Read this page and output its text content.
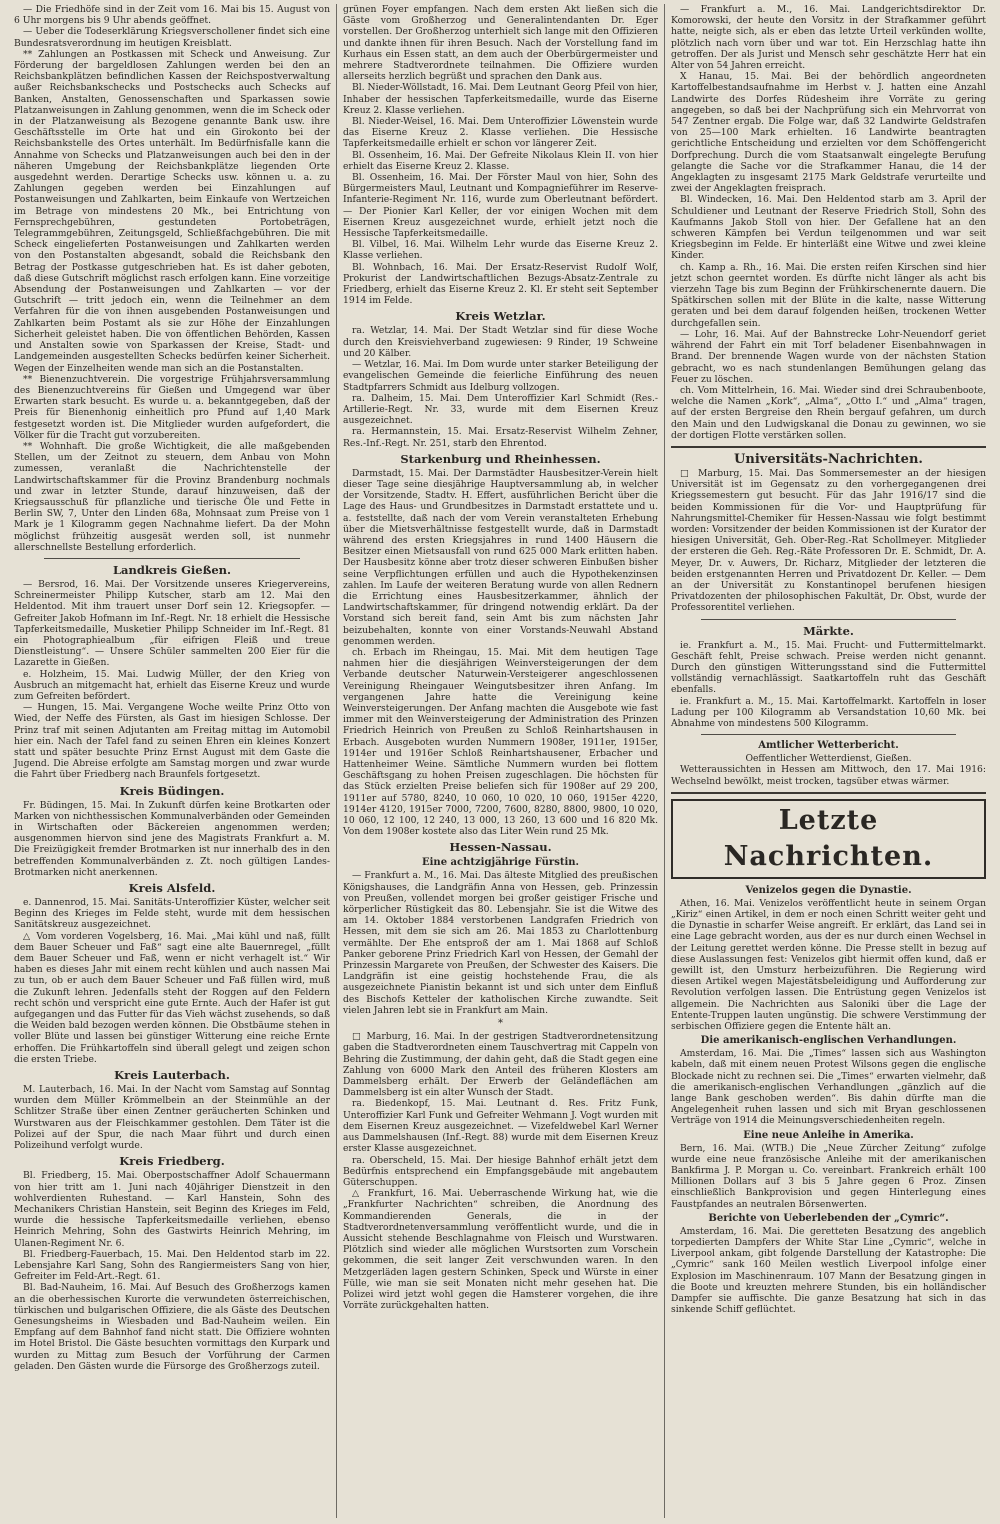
— Die Friedhöfe sind in der Zeit vom 16. Mai bis 15. August von 6 Uhr morgens bis 9 Uhr abends geöffnet.

— Ueber die Todeserklärung Kriegsverschollener findet sich eine Bundesratsverordnung im heutigen Kreisblatt.

** Zahlungen an Postkassen mit Scheck und Anweisung. Zur Förderung der bargeldlosen Zahlungen werden bei den an Reichsbankplätzen befindlichen Kassen der Reichspostverwaltung außer Reichsbankschecks und Postschecks auch Schecks auf Banken, Anstalten, Genossenschaften und Sparkassen sowie Platzanweisungen in Zahlung genommen, wenn die im Scheck oder in der Platzanweisung als Bezogene genannte Bank usw. ihre Geschäftsstelle im Orte hat und ein Girokonto bei der Reichsbankstelle des Ortes unterhält. Im Bedürfnisfalle kann die Annahme von Schecks und Platzanweisungen auch bei den in der näheren Umgebung der Reichsbankplätze liegenden Orte ausgedehnt werden. Derartige Schecks usw. können u. a. zu Zahlungen gegeben werden bei Einzahlungen auf Postanweisungen und Zahlkarten, beim Einkaufe von Wertzeichen im Betrage von mindestens 20 Mk., bei Entrichtung von Fernsprechgebühren, gestundeten Portobeträgen, Telegrammgebühren, Zeitungsgeld, Schließfachgebühren. Die mit Scheck eingelieferten Postanweisungen und Zahlkarten werden von den Postanstalten abgesandt, sobald die Reichsbank den Betrag der Postkasse gutgeschrieben hat. Es ist daher geboten, daß diese Gutschrift möglichst rasch erfolgen kann. Eine vorzeitige Absendung der Postanweisungen und Zahlkarten — vor der Gutschrift — tritt jedoch ein, wenn die Teilnehmer an dem Verfahren für die von ihnen ausgebenden Postanweisungen und Zahlkarten beim Postamt als sie zur Höhe der Einzahlungen Sicherheit geleistet haben. Die von öffentlichen Behörden, Kassen und Anstalten sowie von Sparkassen der Kreise, Stadt- und Landgemeinden ausgestellten Schecks bedürfen keiner Sicherheit. Wegen der Einzelheiten wende man sich an die Postanstalten.

** Bienenzuchtverein. Die vorgestrige Frühjahrsversammlung des Bienenzuchtvereins für Gießen und Umgegend war über Erwarten stark besucht. Es wurde u. a. bekanntgegeben, daß der Preis für Bienenhonig einheitlich pro Pfund auf 1,40 Mark festgesetzt worden ist. Die Mitglieder wurden aufgefordert, die Völker für die Tracht gut vorzubereiten.

** Wohnhaft. Die große Wichtigkeit, die alle maßgebenden Stellen, um der Zeitnot zu steuern, dem Anbau von Mohn zumessen, veranlaßt die Nachrichtenstelle der Landwirtschaftskammer für die Provinz Brandenburg nochmals und zwar in letzter Stunde, darauf hinzuweisen, daß der Kriegsausschuß für pflanzliche und tierische Öle und Fette in Berlin SW, 7, Unter den Linden 68a, Mohnsaat zum Preise von 1 Mark je 1 Kilogramm gegen Nachnahme liefert. Da der Mohn möglichst frühzeitig ausgesät werden soll, ist nunmehr allerschnellste Bestellung erforderlich.

Landkreis Gießen.

— Bersrod, 16. Mai. Der Vorsitzende unseres Kriegervereins, Schreinermeister Philipp Kutscher, starb am 12. Mai den Heldentod. Mit ihm trauert unser Dorf sein 12. Kriegsopfer. — Gefreiter Jakob Hofmann im Inf.-Regt. Nr. 18 erhielt die Hessische Tapferkeitsmedaille, Musketier Philipp Schneider im Inf.-Regt. 81 ein Photographiealbum „für eifrigen Fleiß und treue Dienstleistung“. — Unsere Schüler sammelten 200 Eier für die Lazarette in Gießen.

e. Holzheim, 15. Mai. Ludwig Müller, der den Krieg von Ausbruch an mitgemacht hat, erhielt das Eiserne Kreuz und wurde zum Gefreiten befördert.

— Hungen, 15. Mai. Vergangene Woche weilte Prinz Otto von Wied, der Neffe des Fürsten, als Gast im hiesigen Schlosse. Der Prinz traf mit seinen Adjutanten am Freitag mittag im Automobil hier ein. Nach der Tafel fand zu seinen Ehren ein kleines Konzert statt und später besuchte Prinz Ernst August mit dem Gaste die Jugend. Die Abreise erfolgte am Samstag morgen und zwar wurde die Fahrt über Friedberg nach Braunfels fortgesetzt.

Kreis Büdingen.

Fr. Büdingen, 15. Mai. In Zukunft dürfen keine Brotkarten oder Marken von nichthessischen Kommunalverbänden oder Gemeinden in Wirtschaften oder Bäckereien angenommen werden; ausgenommen hiervon sind jene des Magistrats Frankfurt a. M. Die Freizügigkeit fremder Brotmarken ist nur innerhalb des in den betreffenden Kommunalverbänden z. Zt. noch gültigen Landes-Brotmarken nicht anerkennen.

Kreis Alsfeld.

e. Dannenrod, 15. Mai. Sanitäts-Unteroffizier Küster, welcher seit Beginn des Krieges im Felde steht, wurde mit dem hessischen Sanitätskreuz ausgezeichnet.

△ Vom vorderen Vogelsberg, 16. Mai. „Mai kühl und naß, füllt dem Bauer Scheuer und Faß“ sagt eine alte Bauernregel, „füllt dem Bauer Scheuer und Faß, wenn er nicht verhagelt ist.“ Wir haben es dieses Jahr mit einem recht kühlen und auch nassen Mai zu tun, ob er auch dem Bauer Scheuer und Faß füllen wird, muß die Zukunft lehren. Jedenfalls steht der Roggen auf den Feldern recht schön und verspricht eine gute Ernte. Auch der Hafer ist gut aufgegangen und das Futter für das Vieh wächst zusehends, so daß die Weiden bald bezogen werden können. Die Obstbäume stehen in voller Blüte und lassen bei günstiger Witterung eine reiche Ernte erhoffen. Die Frühkartoffeln sind überall gelegt und zeigen schon die ersten Triebe.

Kreis Lauterbach.

M. Lauterbach, 16. Mai. In der Nacht vom Samstag auf Sonntag wurden dem Müller Krömmelbein an der Steinmühle an der Schlitzer Straße über einen Zentner geräucherten Schinken und Wurstwaren aus der Fleischkammer gestohlen. Dem Täter ist die Polizei auf der Spur, die nach Maar führt und durch einen Polizeihund verfolgt wurde.

Kreis Friedberg.

Bl. Friedberg, 15. Mai. Oberpostschaffner Adolf Schauermann von hier tritt am 1. Juni nach 40jähriger Dienstzeit in den wohlverdienten Ruhestand. — Karl Hanstein, Sohn des Mechanikers Christian Hanstein, seit Beginn des Krieges im Feld, wurde die hessische Tapferkeitsmedaille verliehen, ebenso Heinrich Mehring, Sohn des Gastwirts Heinrich Mehring, im Ulanen-Regiment Nr. 6.

Bl. Friedberg-Fauerbach, 15. Mai. Den Heldentod starb im 22. Lebensjahre Karl Sang, Sohn des Rangiermeisters Sang von hier, Gefreiter im Feld-Art.-Regt. 61.

Bl. Bad-Nauheim, 16. Mai. Auf Besuch des Großherzogs kamen an die oberhessischen Kurorte die verwundeten österreichischen, türkischen und bulgarischen Offiziere, die als Gäste des Deutschen Genesungsheims in Wiesbaden und Bad-Nauheim weilen. Ein Empfang auf dem Bahnhof fand nicht statt. Die Offiziere wohnten im Hotel Bristol. Die Gäste besuchten vormittags den Kurpark und wurden zu Mittag zum Besuch der Vorführung der Carmen geladen. Den Gästen wurde die Fürsorge des Großherzogs zuteil.

grünen Foyer empfangen. Nach dem ersten Akt ließen sich die Gäste vom Großherzog und Generalintendanten Dr. Eger vorstellen. Der Großherzog unterhielt sich lange mit den Offizieren und dankte ihnen für ihren Besuch. Nach der Vorstellung fand im Kurhaus ein Essen statt, an dem auch der Oberbürgermeister und mehrere Stadtverordnete teilnahmen. Die Offiziere wurden allerseits herzlich begrüßt und sprachen den Dank aus.

Bl. Nieder-Wöllstadt, 16. Mai. Dem Leutnant Georg Pfeil von hier, Inhaber der hessischen Tapferkeitsmedaille, wurde das Eiserne Kreuz 2. Klasse verliehen.

Bl. Nieder-Weisel, 16. Mai. Dem Unteroffizier Löwenstein wurde das Eiserne Kreuz 2. Klasse verliehen. Die Hessische Tapferkeitsmedaille erhielt er schon vor längerer Zeit.

Bl. Ossenheim, 16. Mai. Der Gefreite Nikolaus Klein II. von hier erhielt das Eiserne Kreuz 2. Klasse.

Bl. Ossenheim, 16. Mai. Der Förster Maul von hier, Sohn des Bürgermeisters Maul, Leutnant und Kompagnieführer im Reserve-Infanterie-Regiment Nr. 116, wurde zum Oberleutnant befördert. — Der Pionier Karl Keller, der vor einigen Wochen mit dem Eisernen Kreuz ausgezeichnet wurde, erhielt jetzt noch die Hessische Tapferkeitsmedaille.

Bl. Vilbel, 16. Mai. Wilhelm Lehr wurde das Eiserne Kreuz 2. Klasse verliehen.

Bl. Wohnbach, 16. Mai. Der Ersatz-Reservist Rudolf Wolf, Prokurist der Landwirtschaftlichen Bezugs-Absatz-Zentrale zu Friedberg, erhielt das Eiserne Kreuz 2. Kl. Er steht seit September 1914 im Felde.

Kreis Wetzlar.

ra. Wetzlar, 14. Mai. Der Stadt Wetzlar sind für diese Woche durch den Kreisviehverband zugewiesen: 9 Rinder, 19 Schweine und 20 Kälber.

— Wetzlar, 16. Mai. Im Dom wurde unter starker Beteiligung der evangelischen Gemeinde die feierliche Einführung des neuen Stadtpfarrers Schmidt aus Idelburg vollzogen.

ra. Dalheim, 15. Mai. Dem Unteroffizier Karl Schmidt (Res.-Artillerie-Regt. Nr. 33, wurde mit dem Eisernen Kreuz ausgezeichnet.

ra. Hermannstein, 15. Mai. Ersatz-Reservist Wilhelm Zehner, Res.-Inf.-Regt. Nr. 251, starb den Ehrentod.

Starkenburg und Rheinhessen.

Darmstadt, 15. Mai. Der Darmstädter Hausbesitzer-Verein hielt dieser Tage seine diesjährige Hauptversammlung ab, in welcher der Vorsitzende, Stadtv. H. Effert, ausführlichen Bericht über die Lage des Haus- und Grundbesitzes in Darmstadt erstattete und u. a. feststellte, daß nach der vom Verein veranstalteten Erhebung über die Mietsverhältnisse festgestellt wurde, daß in Darmstadt während des ersten Kriegsjahres in rund 1400 Häusern die Besitzer einen Mietsausfall von rund 625 000 Mark erlitten haben. Der Hausbesitz könne aber trotz dieser schweren Einbußen bisher seine Verpflichtungen erfüllen und auch die Hypothekenzinsen zahlen. Im Laufe der weiteren Beratung wurde von allen Rednern die Errichtung eines Hausbesitzerkammer, ähnlich der Landwirtschaftskammer, für dringend notwendig erklärt. Da der Vorstand sich bereit fand, sein Amt bis zum nächsten Jahr beizubehalten, konnte von einer Vorstands-Neuwahl Abstand genommen werden.

ch. Erbach im Rheingau, 15. Mai. Mit dem heutigen Tage nahmen hier die diesjährigen Weinversteigerungen der dem Verbande deutscher Naturwein-Versteigerer angeschlossenen Vereinigung Rheingauer Weingutsbesitzer ihren Anfang. Im vergangenen Jahre hatte die Vereinigung keine Weinversteigerungen. Der Anfang machten die Ausgebote wie fast immer mit den Weinversteigerung der Administration des Prinzen Friedrich Heinrich von Preußen zu Schloß Reinhartshausen in Erbach. Ausgeboten wurden Nummern 1908er, 1911er, 1915er, 1914er und 1916er Schloß Reinhartshausener, Erbacher und Hattenheimer Weine. Sämtliche Nummern wurden bei flottem Geschäftsgang zu hohen Preisen zugeschlagen. Die höchsten für das Stück erzielten Preise beliefen sich für 1908er auf 29 200, 1911er auf 5780, 8240, 10 060, 10 020, 10 060, 1915er 4220, 1914er 4120, 1915er 7000, 7200, 7600, 8280, 8800, 9800, 10 020, 10 060, 12 100, 12 240, 13 000, 13 260, 13 600 und 16 820 Mk. Von dem 1908er kostete also das Liter Wein rund 25 Mk.

Hessen-Nassau.
Eine achtzigjährige Fürstin.

— Frankfurt a. M., 16. Mai. Das älteste Mitglied des preußischen Königshauses, die Landgräfin Anna von Hessen, geb. Prinzessin von Preußen, vollendet morgen bei großer geistiger Frische und körperlicher Rüstigkeit das 80. Lebensjahr. Sie ist die Witwe des am 14. Oktober 1884 verstorbenen Landgrafen Friedrich von Hessen, mit dem sie sich am 26. Mai 1853 zu Charlottenburg vermählte. Der Ehe entsproß der am 1. Mai 1868 auf Schloß Panker geborene Prinz Friedrich Karl von Hessen, der Gemahl der Prinzessin Margarete von Preußen, der Schwester des Kaisers. Die Landgräfin ist eine geistig hochstehende Frau, die als ausgezeichnete Pianistin bekannt ist und sich unter dem Einfluß des Bischofs Ketteler der katholischen Kirche zuwandte. Seit vielen Jahren lebt sie in Frankfurt am Main.

*

□ Marburg, 16. Mai. In der gestrigen Stadtverordnetensitzung gaben die Stadtverordneten einem Tauschvertrag mit Cappeln von Behring die Zustimmung, der dahin geht, daß die Stadt gegen eine Zahlung von 6000 Mark den Anteil des früheren Klosters am Dammelsberg erhält. Der Erwerb der Geländeflächen am Dammelsberg ist ein alter Wunsch der Stadt.

ra. Biedenkopf, 15. Mai. Leutnant d. Res. Fritz Funk, Unteroffizier Karl Funk und Gefreiter Wehmann J. Vogt wurden mit dem Eisernen Kreuz ausgezeichnet. — Vizefeldwebel Karl Werner aus Dammelshausen (Inf.-Regt. 88) wurde mit dem Eisernen Kreuz erster Klasse ausgezeichnet.

ra. Oberscheld, 15. Mai. Der hiesige Bahnhof erhält jetzt dem Bedürfnis entsprechend ein Empfangsgebäude mit angebautem Güterschuppen.

△ Frankfurt, 16. Mai. Ueberraschende Wirkung hat, wie die „Frankfurter Nachrichten“ schreiben, die Anordnung des Kommandierenden Generals, die in der Stadtverordnetenversammlung veröffentlicht wurde, und die in Aussicht stehende Beschlagnahme von Fleisch und Wurstwaren. Plötzlich sind wieder alle möglichen Wurstsorten zum Vorschein gekommen, die seit langer Zeit verschwunden waren. In den Metzgerläden lagen gestern Schinken, Speck und Würste in einer Fülle, wie man sie seit Monaten nicht mehr gesehen hat. Die Polizei wird jetzt wohl gegen die Hamsterer vorgehen, die ihre Vorräte zurückgehalten hatten.

— Frankfurt a. M., 16. Mai. Landgerichtsdirektor Dr. Komorowski, der heute den Vorsitz in der Strafkammer geführt hatte, neigte sich, als er eben das letzte Urteil verkünden wollte, plötzlich nach vorn über und war tot. Ein Herzschlag hatte ihn getroffen. Der als Jurist und Mensch sehr geschätzte Herr hat ein Alter von 54 Jahren erreicht.

X Hanau, 15. Mai. Bei der behördlich angeordneten Kartoffelbestandsaufnahme im Herbst v. J. hatten eine Anzahl Landwirte des Dorfes Rüdesheim ihre Vorräte zu gering angegeben, so daß bei der Nachprüfung sich ein Mehrvorrat von 547 Zentner ergab. Die Folge war, daß 32 Landwirte Geldstrafen von 25—100 Mark erhielten. 16 Landwirte beantragten gerichtliche Entscheidung und erzielten vor dem Schöffengericht Dorfprechung. Durch die vom Staatsanwalt eingelegte Berufung gelangte die Sache vor die Strafkammer Hanau, die 14 der Angeklagten zu insgesamt 2175 Mark Geldstrafe verurteilte und zwei der Angeklagten freisprach.

Bl. Windecken, 16. Mai. Den Heldentod starb am 3. April der Schuldiener und Leutnant der Reserve Friedrich Stoll, Sohn des Kaufmanns Jakob Stoll von hier. Der Gefallene hat an den schweren Kämpfen bei Verdun teilgenommen und war seit Kriegsbeginn im Felde. Er hinterläßt eine Witwe und zwei kleine Kinder.

ch. Kamp a. Rh., 16. Mai. Die ersten reifen Kirschen sind hier jetzt schon geerntet worden. Es dürfte nicht länger als acht bis vierzehn Tage bis zum Beginn der Frühkirschenernte dauern. Die Spätkirschen sollen mit der Blüte in die kalte, nasse Witterung geraten und bei dem darauf folgenden heißen, trockenen Wetter durchgefallen sein.

— Lohr, 16. Mai. Auf der Bahnstrecke Lohr-Neuendorf geriet während der Fahrt ein mit Torf beladener Eisenbahnwagen in Brand. Der brennende Wagen wurde von der nächsten Station gebracht, wo es nach stundenlangen Bemühungen gelang das Feuer zu löschen.

ch. Vom Mittelrhein, 16. Mai. Wieder sind drei Schraubenboote, welche die Namen „Kork“, „Alma“, „Otto I.“ und „Alma“ tragen, auf der ersten Bergreise den Rhein bergauf gefahren, um durch den Main und den Ludwigskanal die Donau zu gewinnen, wo sie der dortigen Flotte verstärken sollen.

Universitäts-Nachrichten.

□ Marburg, 15. Mai. Das Sommersemester an der hiesigen Universität ist im Gegensatz zu den vorhergegangenen drei Kriegssemestern gut besucht. Für das Jahr 1916/17 sind die beiden Kommissionen für die Vor- und Hauptprüfung für Nahrungsmittel-Chemiker für Hessen-Nassau wie folgt bestimmt worden: Vorsitzender der beiden Kommissionen ist der Kurator der hiesigen Universität, Geh. Ober-Reg.-Rat Schollmeyer. Mitglieder der ersteren die Geh. Reg.-Räte Professoren Dr. E. Schmidt, Dr. A. Meyer, Dr. v. Auwers, Dr. Richarz, Mitglieder der letzteren die beiden erstgenannten Herren und Privatdozent Dr. Keller. — Dem an der Universität zu Konstantinopel berufenen hiesigen Privatdozenten der philosophischen Fakultät, Dr. Obst, wurde der Professorentitel verliehen.

Märkte.

ie. Frankfurt a. M., 15. Mai. Frucht- und Futtermittelmarkt. Geschäft fehlt, Preise schwach. Preise werden nicht genannt. Durch den günstigen Witterungsstand sind die Futtermittel vollständig vernachlässigt. Saatkartoffeln ruht das Geschäft ebenfalls.

ie. Frankfurt a. M., 15. Mai. Kartoffelmarkt. Kartoffeln in loser Ladung per 100 Kilogramm ab Versandstation 10,60 Mk. bei Abnahme von mindestens 500 Kilogramm.

Amtlicher Wetterbericht.

Oeffentlicher Wetterdienst, Gießen.

Wetteraussichten in Hessen am Mittwoch, den 17. Mai 1916: Wechselnd bewölkt, meist trocken, tagsüber etwas wärmer.

Letzte Nachrichten.
Venizelos gegen die Dynastie.

Athen, 16. Mai. Venizelos veröffentlicht heute in seinem Organ „Kiriz“ einen Artikel, in dem er noch einen Schritt weiter geht und die Dynastie in scharfer Weise angreift. Er erklärt, das Land sei in eine Lage gebracht worden, aus der es nur durch einen Wechsel in der Leitung gerettet werden könne. Die Presse stellt in bezug auf diese Auslassungen fest: Venizelos gibt hiermit offen kund, daß er gewillt ist, den Umsturz herbeizuführen. Die Regierung wird diesen Artikel wegen Majestätsbeleidigung und Aufforderung zur Revolution verfolgen lassen. Die Entrüstung gegen Venizelos ist allgemein. Die Nachrichten aus Saloniki über die Lage der Entente-Truppen lauten ungünstig. Die schwere Verstimmung der serbischen Offiziere gegen die Entente hält an.

Die amerikanisch-englischen Verhandlungen.

Amsterdam, 16. Mai. Die „Times“ lassen sich aus Washington kabeln, daß mit einem neuen Protest Wilsons gegen die englische Blockade nicht zu rechnen sei. Die „Times“ erwarten vielmehr, daß die amerikanisch-englischen Verhandlungen „gänzlich auf die lange Bank geschoben werden“. Bis dahin dürfte man die Angelegenheit ruhen lassen und sich mit Bryan geschlossenen Verträge von 1914 die Meinungsverschiedenheiten regeln.

Eine neue Anleihe in Amerika.

Bern, 16. Mai. (WTB.) Die „Neue Zürcher Zeitung“ zufolge wurde eine neue französische Anleihe mit der amerikanischen Bankfirma J. P. Morgan u. Co. vereinbart. Frankreich erhält 100 Millionen Dollars auf 3 bis 5 Jahre gegen 6 Proz. Zinsen einschließlich Bankprovision und gegen Hinterlegung eines Faustpfandes an neutralen Börsenwerten.

Berichte von Ueberlebenden der „Cymric“.

Amsterdam, 16. Mai. Die geretteten Besatzung des angeblich torpedierten Dampfers der White Star Line „Cymric“, welche in Liverpool ankam, gibt folgende Darstellung der Katastrophe: Die „Cymric“ sank 160 Meilen westlich Liverpool infolge einer Explosion im Maschinenraum. 107 Mann der Besatzung gingen in die Boote und kreuzten mehrere Stunden, bis ein holländischer Dampfer sie auffischte. Die ganze Besatzung hat sich in das sinkende Schiff geflüchtet.
